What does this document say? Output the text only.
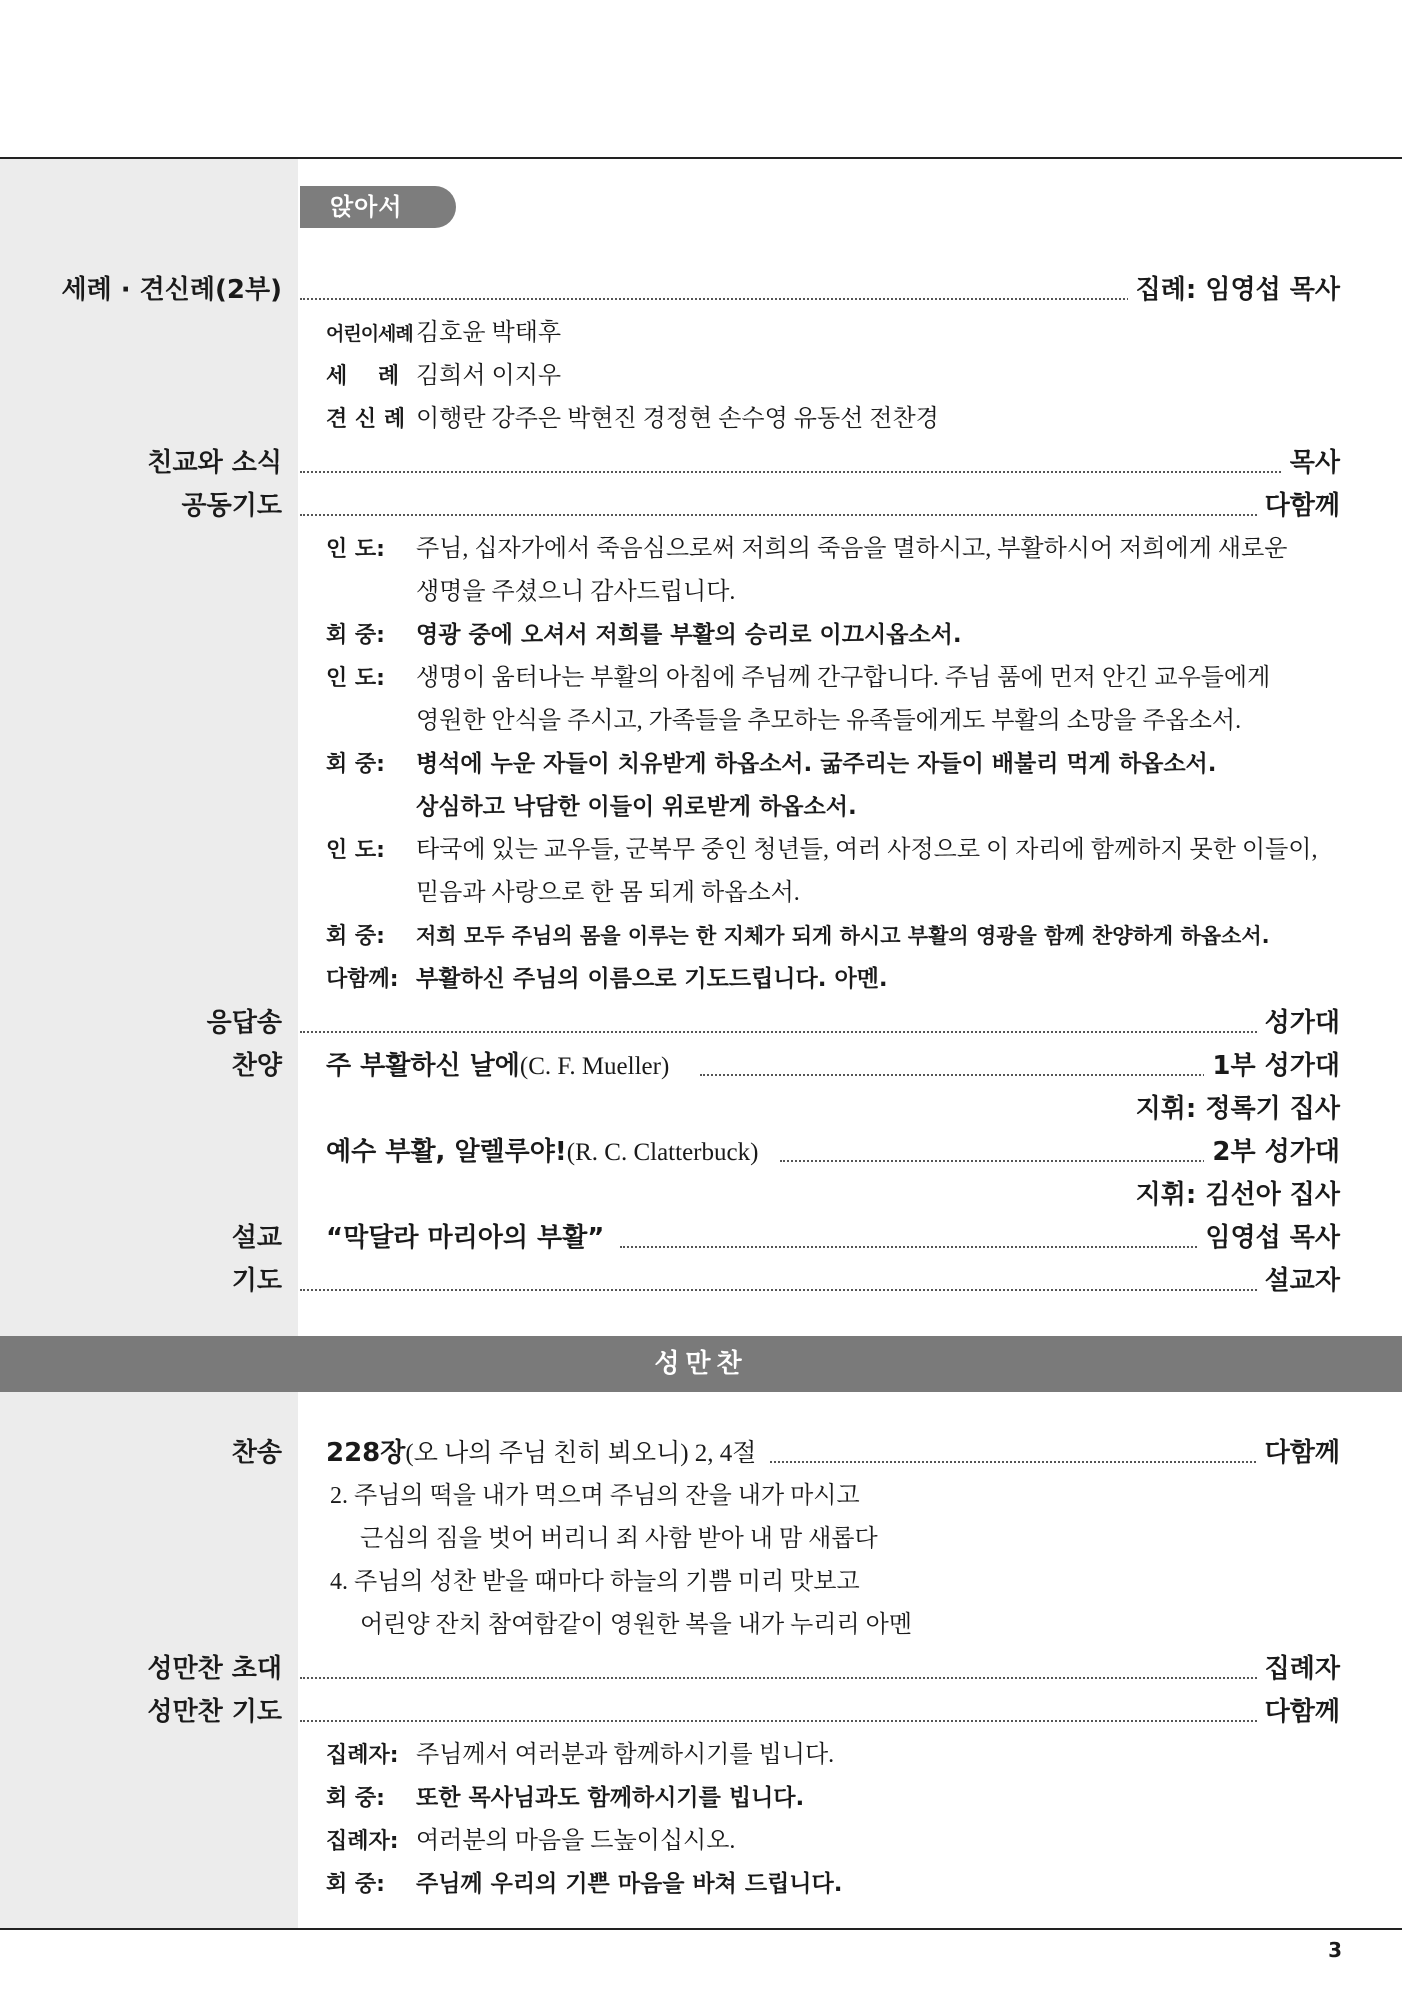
앉아서
세례 · 견신례(2부)	집례: 임영섭 목사
어린이세례 김호윤 박태후
세    례 김희서 이지우
견 신 례 이행란 강주은 박현진 경정현 손수영 유동선 전찬경
친교와 소식	목사
공동기도	다함께
인 도: 주님, 십자가에서 죽음심으로써 저희의 죽음을 멸하시고, 부활하시어 저희에게 새로운
생명을 주셨으니 감사드립니다.
회 중: 영광 중에 오셔서 저희를 부활의 승리로 이끄시옵소서.
인 도: 생명이 움터나는 부활의 아침에 주님께 간구합니다. 주님 품에 먼저 안긴 교우들에게
영원한 안식을 주시고, 가족들을 추모하는 유족들에게도 부활의 소망을 주옵소서.
회 중: 병석에 누운 자들이 치유받게 하옵소서. 굶주리는 자들이 배불리 먹게 하옵소서.
상심하고 낙담한 이들이 위로받게 하옵소서.
인 도: 타국에 있는 교우들, 군복무 중인 청년들, 여러 사정으로 이 자리에 함께하지 못한 이들이,
믿음과 사랑으로 한 몸 되게 하옵소서.
회 중: 저희 모두 주님의 몸을 이루는 한 지체가 되게 하시고 부활의 영광을 함께 찬양하게 하옵소서.
다함께: 부활하신 주님의 이름으로 기도드립니다. 아멘.
응답송	성가대
찬양 주 부활하신 날에(C. F. Mueller)	1부 성가대
지휘: 정록기 집사
예수 부활, 알렐루야!(R. C. Clatterbuck)	2부 성가대
지휘: 김선아 집사
설교 “막달라 마리아의 부활”	임영섭 목사
기도	설교자
성만찬
찬송 228장(오 나의 주님 친히 뵈오니) 2, 4절	다함께
2. 주님의 떡을 내가 먹으며 주님의 잔을 내가 마시고
근심의 짐을 벗어 버리니 죄 사함 받아 내 맘 새롭다
4. 주님의 성찬 받을 때마다 하늘의 기쁨 미리 맛보고
어린양 잔치 참여함같이 영원한 복을 내가 누리리 아멘
성만찬 초대	집례자
성만찬 기도	다함께
집례자: 주님께서 여러분과 함께하시기를 빕니다.
회 중: 또한 목사님과도 함께하시기를 빕니다.
집례자: 여러분의 마음을 드높이십시오.
회 중: 주님께 우리의 기쁜 마음을 바쳐 드립니다.
3
